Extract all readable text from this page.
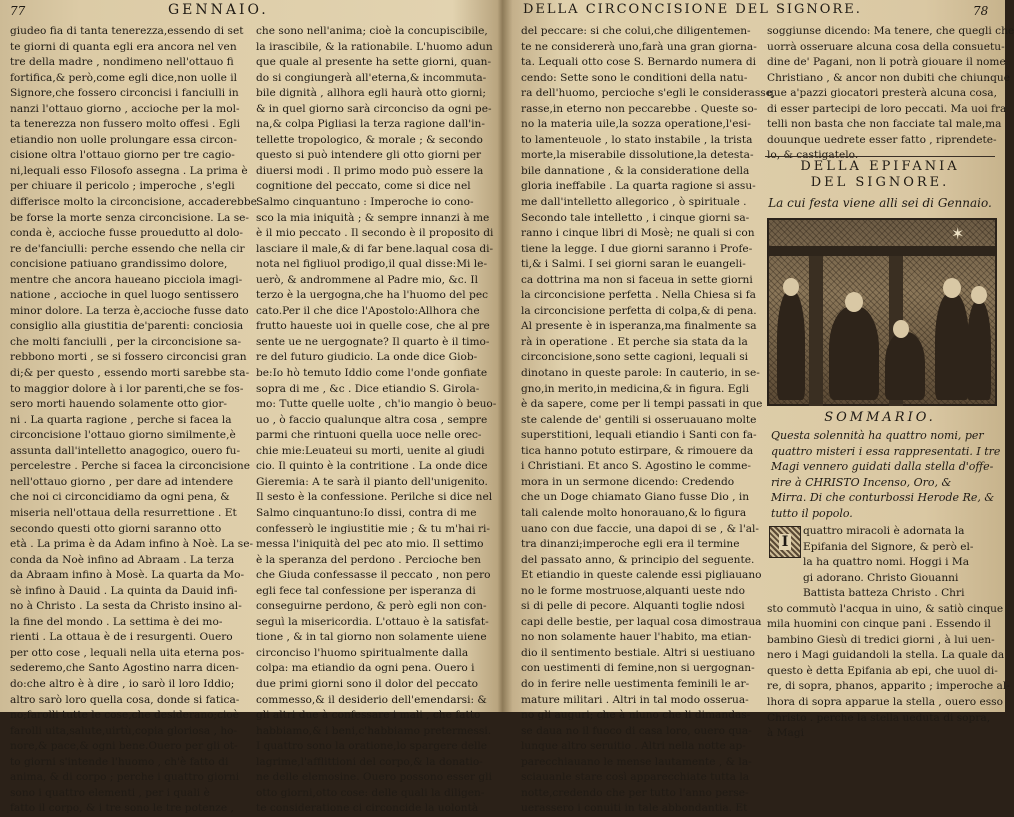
77	GENNAIO.
giudeo fia di tanta tenerezza,essendo di set
te giorni di quanta egli era ancora nel ven
tre della madre , nondimeno nell'ottauo fi
fortifica,& però,come egli dice,non uolle il
Signore,che fossero circoncisi i fanciulli in
nanzi l'ottauo giorno , accioche per la mol-
ta tenerezza non fussero molto offesi . Egli
etiandio non uolle prolungare essa circon-
cisione oltra l'ottauo giorno per tre cagio-
ni,lequali esso Filosofo assegna . La prima è
per chiuare il pericolo ; imperoche , s'egli
differisce molto la circoncisione, accaderebbe
be forse la morte senza circoncisione. La se-
conda è, accioche fusse prouedutto al dolo-
re de'fanciulli: perche essendo che nella cir
concisione patiuano grandissimo dolore,
mentre che ancora haueano picciola imagi-
natione , accioche in quel luogo sentissero
minor dolore. La terza è,accioche fusse dato
consiglio alla giustitia de'parenti: conciosia
che molti fanciulli , per la circoncisione sa-
rebbono morti , se si fossero circoncisi gran
di;& per questo , essendo morti sarebbe sta-
to maggior dolore à i lor parenti,che se fos-
sero morti hauendo solamente otto gior-
ni . La quarta ragione , perche si facea la
circoncisione l'ottauo giorno similmente,è
assunta dall'intelletto anagogico, ouero fu-
percelestre . Perche si facea la circoncisione
nell'ottauo giorno , per dare ad intendere
che noi ci circoncidiamo da ogni pena, &
miseria nell'ottaua della resurrettione . Et
secondo questi otto giorni saranno otto
età . La prima è da Adam infino à Noè. La se-
conda da Noè infino ad Abraam . La terza
da Abraam infino à Mosè. La quarta da Mo-
sè infino à Dauid . La quinta da Dauid infi-
no à Christo . La sesta da Christo insino al-
la fine del mondo . La settima è dei mo-
rienti . La ottaua è de i resurgenti. Ouero
per otto cose , lequali nella uita eterna pos-
sederemo,che Santo Agostino narra dicen-
do:che altro è à dire , io sarò il loro Iddio;
altro sarò loro quella cosa, donde si fatica-
no;farolli tutte le cose,che desiderano;cioè
farolli uita,salute,uirtù,copia gloriosa , ho-
nore,& pace,& ogni bene.Ouero per gli ot-
to giorni s'intende l'huomo , ch'è fatto di
anima, & di corpo ; perche i quattro giorni
sono i quattro elementi , per i quali è
fatto il corpo, & i tre sono le tre potenze ,
che sono nell'anima; cioè la concupiscibile,
la irascibile, & la rationabile. L'huomo adun
que quale al presente ha sette giorni, quan-
do si congiungerà all'eterna,& incommuta-
bile dignità , allhora egli haurà otto giorni;
& in quel giorno sarà circonciso da ogni pe-
na,& colpa Pigliasi la terza ragione dall'in-
tellette tropologico, & morale ; & secondo
questo si può intendere gli otto giorni per
diuersi modi . Il primo modo può essere la
cognitione del peccato, come si dice nel
Salmo cinquantuno : Imperoche io cono-
sco la mia iniquità ; & sempre innanzi à me
è il mio peccato . Il secondo è il proposito di
lasciare il male,& di far bene.laqual cosa di-
nota nel figliuol prodigo,il qual disse:Mi le-
uerò, & andrommene al Padre mio, &c. Il
terzo è la uergogna,che ha l'huomo del pec
cato.Per il che dice l'Apostolo:Allhora che
frutto haueste uoi in quelle cose, che al pre
sente ue ne uergognate? Il quarto è il timo-
re del futuro giudicio. La onde dice Giob-
be:Io hò temuto Iddio come l'onde gonfiate
sopra di me , &c . Dice etiandio S. Girola-
mo: Tutte quelle uolte , ch'io mangio ò beuo-
uo , ò faccio qualunque altra cosa , sempre
parmi che rintuoni quella uoce nelle orec-
chie mie:Leuateui su morti, uenite al giudi
cio. Il quinto è la contritione . La onde dice
Gieremia: A te sarà il pianto dell'unigenito.
Il sesto è la confessione. Perilche si dice nel
Salmo cinquantuno:Io dissi, contra di me
confesserò le ingiustitie mie ; & tu m'hai ri-
messa l'iniquità del pec ato mio. Il settimo
è la speranza del perdono . Percioche ben
che Giuda confessasse il peccato , non pero
egli fece tal confessione per isperanza di
conseguirne perdono, & però egli non con-
seguì la misericordia. L'ottauo è la satisfat-
tione , & in tal giorno non solamente uiene
circonciso l'huomo spiritualmente dalla
colpa: ma etiandio da ogni pena. Ouero i
due primi giorni sono il dolor del peccato
commesso,& il desiderio dell'emendarsi: &
gli altri due à confessare i mali , che fatto
habbiamo,& i beni,c'habbiamo pretermessi.
I quattro sono la oratione,lo spargere delle
lagrime,l'afflittioni del corpo,& la donatio-
ne delle elemosine. Ouero possono esser gli
otto giorni,otto cose: delle quali la diligen-
te consideratione ci circoncide la uolontà
DELLA CIRCONCISIONE DEL SIGNORE.	78
del peccare: si che colui,che diligentemen-
te ne considererà uno,farà una gran giorna-
ta. Lequali otto cose S. Bernardo numera di
cendo: Sette sono le conditioni della natu-
ra dell'huomo, percioche s'egli le considerasse,
rasse,in eterno non peccarebbe . Queste so-
no la materia uile,la sozza operatione,l'esi-
to lamenteuole , lo stato instabile , la trista
morte,la miserabile dissolutione,la detesta-
bile dannatione , & la consideratione della
gloria ineffabile . La quarta ragione si assu-
me dall'intelletto allegorico , ò spirituale .
Secondo tale intelletto , i cinque giorni sa-
ranno i cinque libri di Mosè; ne quali si con
tiene la legge. I due giorni saranno i Profe-
ti,& i Salmi. I sei giorni saran le euangeli-
ca dottrina ma non si faceua in sette giorni
la circoncisione perfetta . Nella Chiesa si fa
la circoncisione perfetta di colpa,& di pena.
Al presente è in isperanza,ma finalmente sa
rà in operatione . Et perche sia stata da la
circoncisione,sono sette cagioni, lequali si
dinotano in queste parole: In cauterio, in se-
gno,in merito,in medicina,& in figura. Egli
è da sapere, come per li tempi passati in que
ste calende de' gentili si osseruauano molte
superstitioni, lequali etiandio i Santi con fa-
tica hanno potuto estirpare, & rimouere da
i Christiani. Et anco S. Agostino le comme-
mora in un sermone dicendo: Credendo
che un Doge chiamato Giano fusse Dio , in
tali calende molto honorauano,& lo figura
uano con due faccie, una dapoi di se , & l'al-
tra dinanzi;imperoche egli era il termine
del passato anno, & principio del seguente.
Et etiandio in queste calende essi pigliauano
no le forme mostruose,alquanti ueste ndo
si di pelle di pecore. Alquanti toglie ndosi
capi delle bestie, per laqual cosa dimostraua
no non solamente hauer l'habito, ma etian-
dio il sentimento bestiale. Altri si uestiuano
con uestimenti di femine,non si uergognan-
do in ferire nelle uestimenta feminili le ar-
mature militari . Altri in tal modo osserua-
no gli auguri; che à niuno che li dimandas-
se daua no il fuoco di casa loro, ouero qua-
lunque altro seruitio . Altri nella notte ap-
parecchiauano le mense lautamente , & la-
sciauanle stare così apparecchiate tutta la
notte,credendo che per tutto l'anno perse-
uerassero i conuiti in tale abbondantia. Et
soggiunse dicendo: Ma tenere, che quegli che
uorrà osseruare alcuna cosa della consuetu-
dine de' Pagani, non li potrà giouare il nome
Christiano , & ancor non dubiti che chiunque
que a'pazzi giocatori presterà alcuna cosa,
di esser partecipi de loro peccati. Ma uoi fra
telli non basta che non facciate tal male,ma
douunque uedrete esser fatto , riprendete-
DELLA EPIFANIA
DEL SIGNORE.
La cui festa viene alli sei di Gennaio.
✶
SOMMARIO.
Questa solennità ha quattro nomi, per
quattro misteri i essa rappresentati. I tre
Magi vennero guidati dalla stella d'offe-
rire à CHRISTO Incenso, Oro, &
Mirra. Di che conturbossi Herode Re, &
tutto il popolo.
I
quattro miracoli è adornata la
Epifania del Signore, & però el-
la ha quattro nomi. Hoggi i Ma
gi adorano. Christo Giouanni
Battista batteza Christo . Chri
sto commutò l'acqua in uino, & satiò cinque
mila huomini con cinque pani . Essendo il
bambino Giesù di tredici giorni , à lui uen-
nero i Magi guidandoli la stella. La quale da
questo è detta Epifania ab epi, che uuol di-
re, di sopra, phanos, apparito ; imperoche al-
lhora di sopra apparue la stella , ouero esso
Christo . perche la stella ueduta di sopra,
à Magi
